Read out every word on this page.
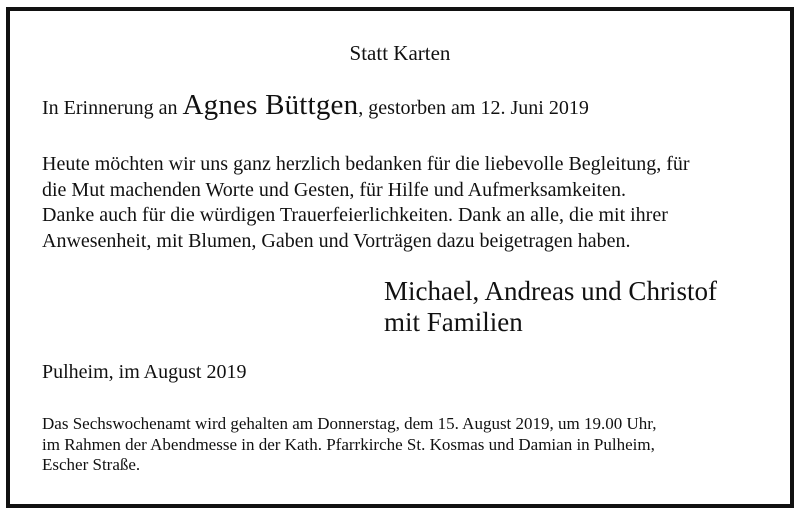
Statt Karten
In Erinnerung an Agnes Büttgen, gestorben am 12. Juni 2019
Heute möchten wir uns ganz herzlich bedanken für die liebevolle Begleitung, für
die Mut machenden Worte und Gesten, für Hilfe und Aufmerksamkeiten.
Danke auch für die würdigen Trauerfeierlichkeiten. Dank an alle, die mit ihrer
Anwesenheit, mit Blumen, Gaben und Vorträgen dazu beigetragen haben.
Michael, Andreas und Christof
mit Familien
Pulheim, im August 2019
Das Sechswochenamt wird gehalten am Donnerstag, dem 15. August 2019, um 19.00 Uhr,
im Rahmen der Abendmesse in der Kath. Pfarrkirche St. Kosmas und Damian in Pulheim,
Escher Straße.
